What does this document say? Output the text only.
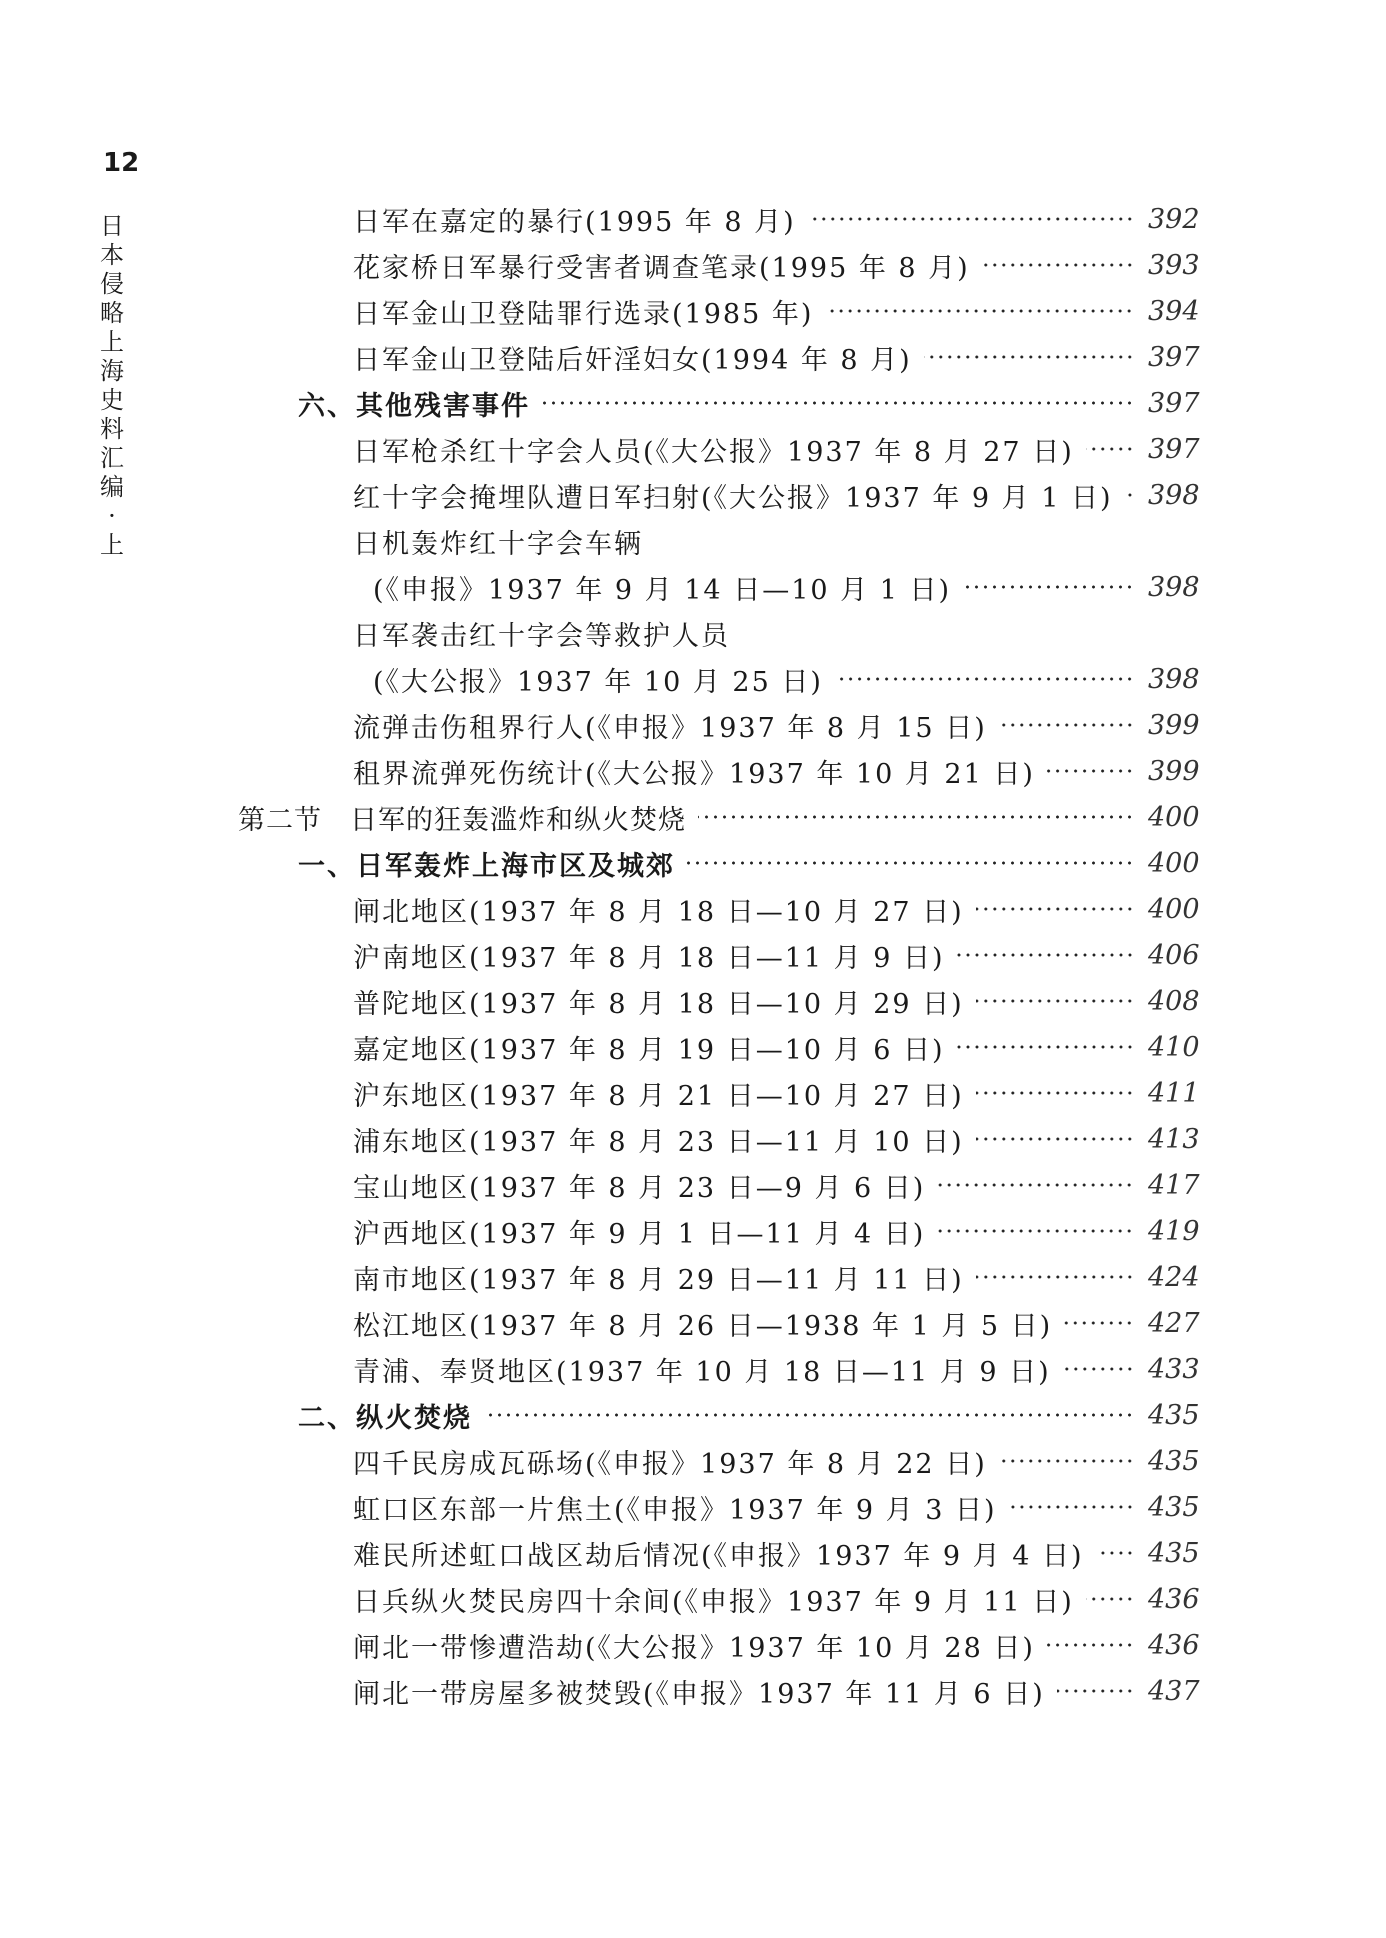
12
日本侵略上海史料汇编·上
日军在嘉定的暴行(1995 年 8 月)	392
花家桥日军暴行受害者调查笔录(1995 年 8 月)	393
日军金山卫登陆罪行选录(1985 年)	394
日军金山卫登陆后奸淫妇女(1994 年 8 月)	397
六、其他残害事件	397
日军枪杀红十字会人员(《大公报》1937 年 8 月 27 日)	397
红十字会掩埋队遭日军扫射(《大公报》1937 年 9 月 1 日) 398
日机轰炸红十字会车辆
(《申报》1937 年 9 月 14 日—10 月 1 日)	398
日军袭击红十字会等救护人员
(《大公报》1937 年 10 月 25 日)	398
流弹击伤租界行人(《申报》1937 年 8 月 15 日)	399
租界流弹死伤统计(《大公报》1937 年 10 月 21 日)	399
第二节　日军的狂轰滥炸和纵火焚烧	400
一、日军轰炸上海市区及城郊	400
闸北地区(1937 年 8 月 18 日—10 月 27 日)	400
沪南地区(1937 年 8 月 18 日—11 月 9 日)	406
普陀地区(1937 年 8 月 18 日—10 月 29 日)	408
嘉定地区(1937 年 8 月 19 日—10 月 6 日)	410
沪东地区(1937 年 8 月 21 日—10 月 27 日)	411
浦东地区(1937 年 8 月 23 日—11 月 10 日)	413
宝山地区(1937 年 8 月 23 日—9 月 6 日)	417
沪西地区(1937 年 9 月 1 日—11 月 4 日)	419
南市地区(1937 年 8 月 29 日—11 月 11 日)	424
松江地区(1937 年 8 月 26 日—1938 年 1 月 5 日)	427
青浦、奉贤地区(1937 年 10 月 18 日—11 月 9 日)	433
二、纵火焚烧	435
四千民房成瓦砾场(《申报》1937 年 8 月 22 日)	435
虹口区东部一片焦土(《申报》1937 年 9 月 3 日)	435
难民所述虹口战区劫后情况(《申报》1937 年 9 月 4 日) 435
日兵纵火焚民房四十余间(《申报》1937 年 9 月 11 日)	436
闸北一带惨遭浩劫(《大公报》1937 年 10 月 28 日)	436
闸北一带房屋多被焚毁(《申报》1937 年 11 月 6 日)	437
